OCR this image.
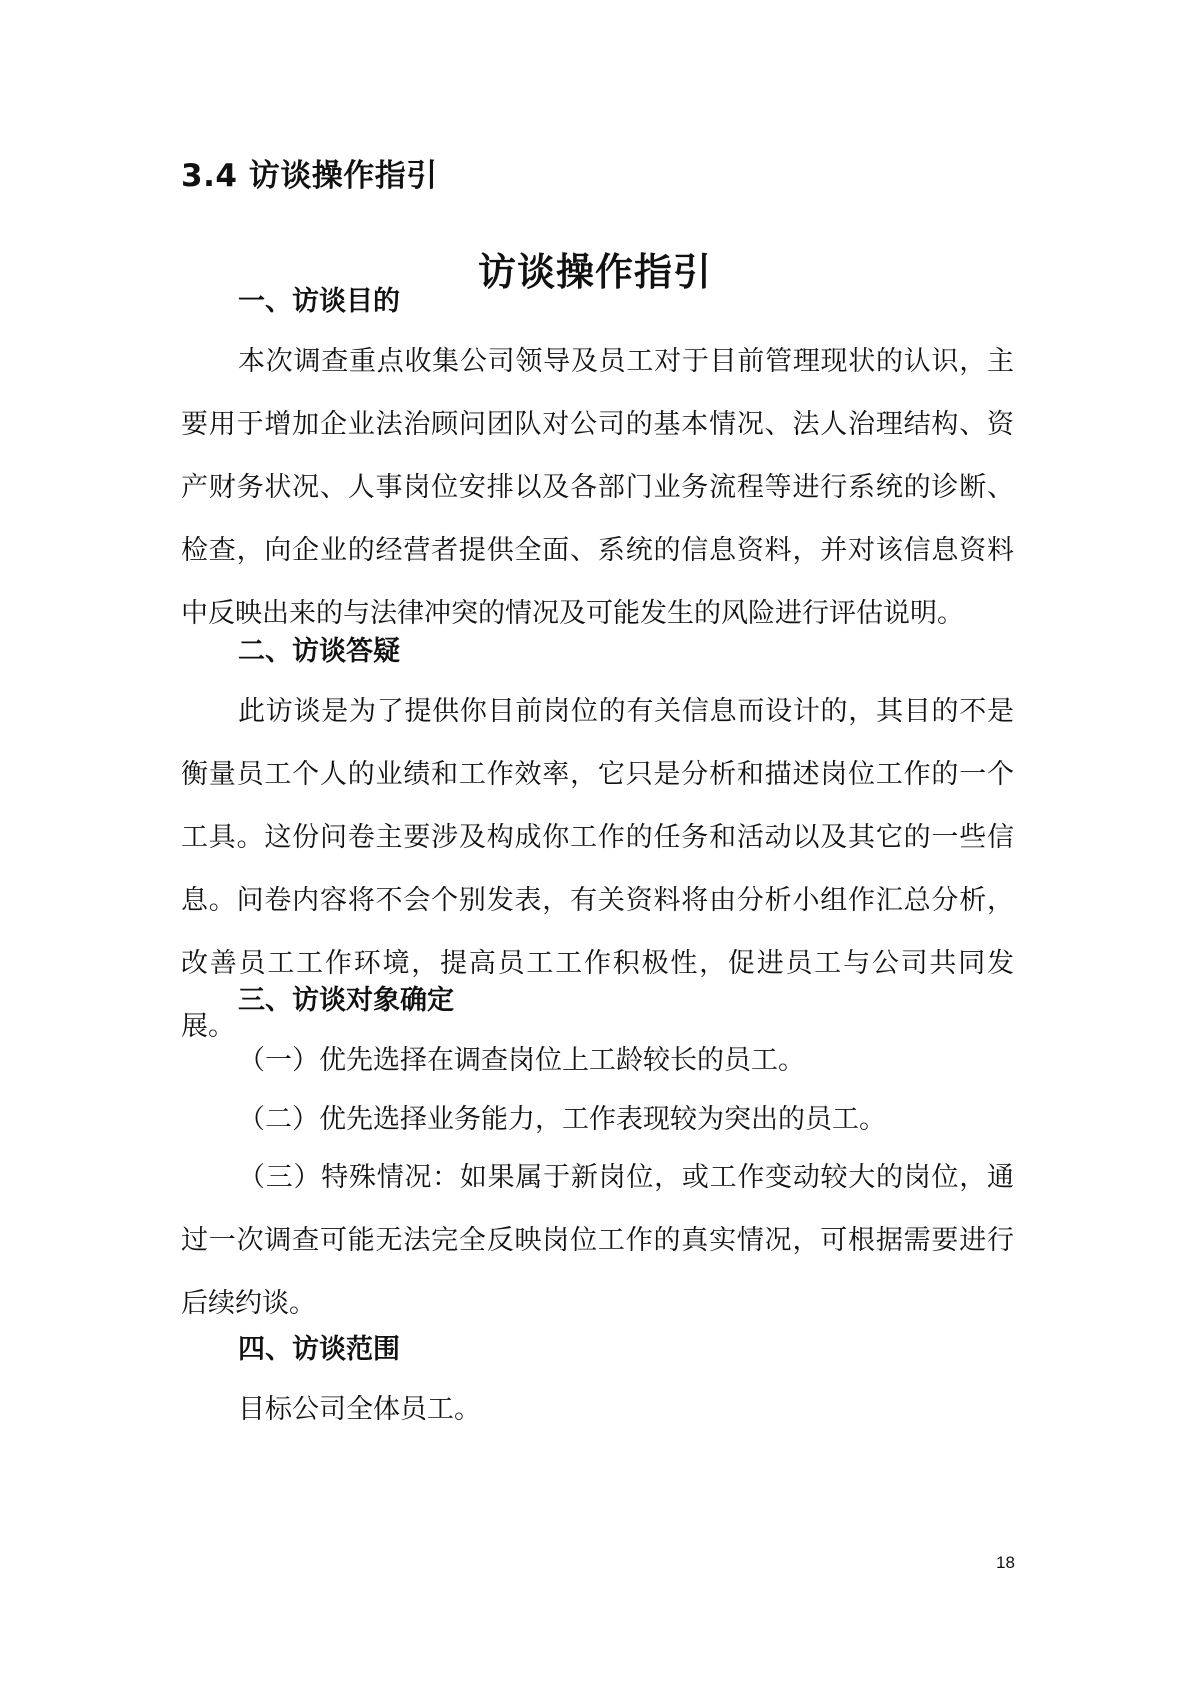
3.4 访谈操作指引
访谈操作指引
一、访谈目的

本次调查重点收集公司领导及员工对于目前管理现状的认识，主要用于增加企业法治顾问团队对公司的基本情况、法人治理结构、资产财务状况、人事岗位安排以及各部门业务流程等进行系统的诊断、检查，向企业的经营者提供全面、系统的信息资料，并对该信息资料中反映出来的与法律冲突的情况及可能发生的风险进行评估说明。

二、访谈答疑

此访谈是为了提供你目前岗位的有关信息而设计的，其目的不是衡量员工个人的业绩和工作效率，它只是分析和描述岗位工作的一个工具。这份问卷主要涉及构成你工作的任务和活动以及其它的一些信息。问卷内容将不会个别发表，有关资料将由分析小组作汇总分析，改善员工工作环境，提高员工工作积极性，促进员工与公司共同发展。

三、访谈对象确定

（一）优先选择在调查岗位上工龄较长的员工。

（二）优先选择业务能力，工作表现较为突出的员工。

（三）特殊情况：如果属于新岗位，或工作变动较大的岗位，通过一次调查可能无法完全反映岗位工作的真实情况，可根据需要进行后续约谈。

四、访谈范围

目标公司全体员工。

18
